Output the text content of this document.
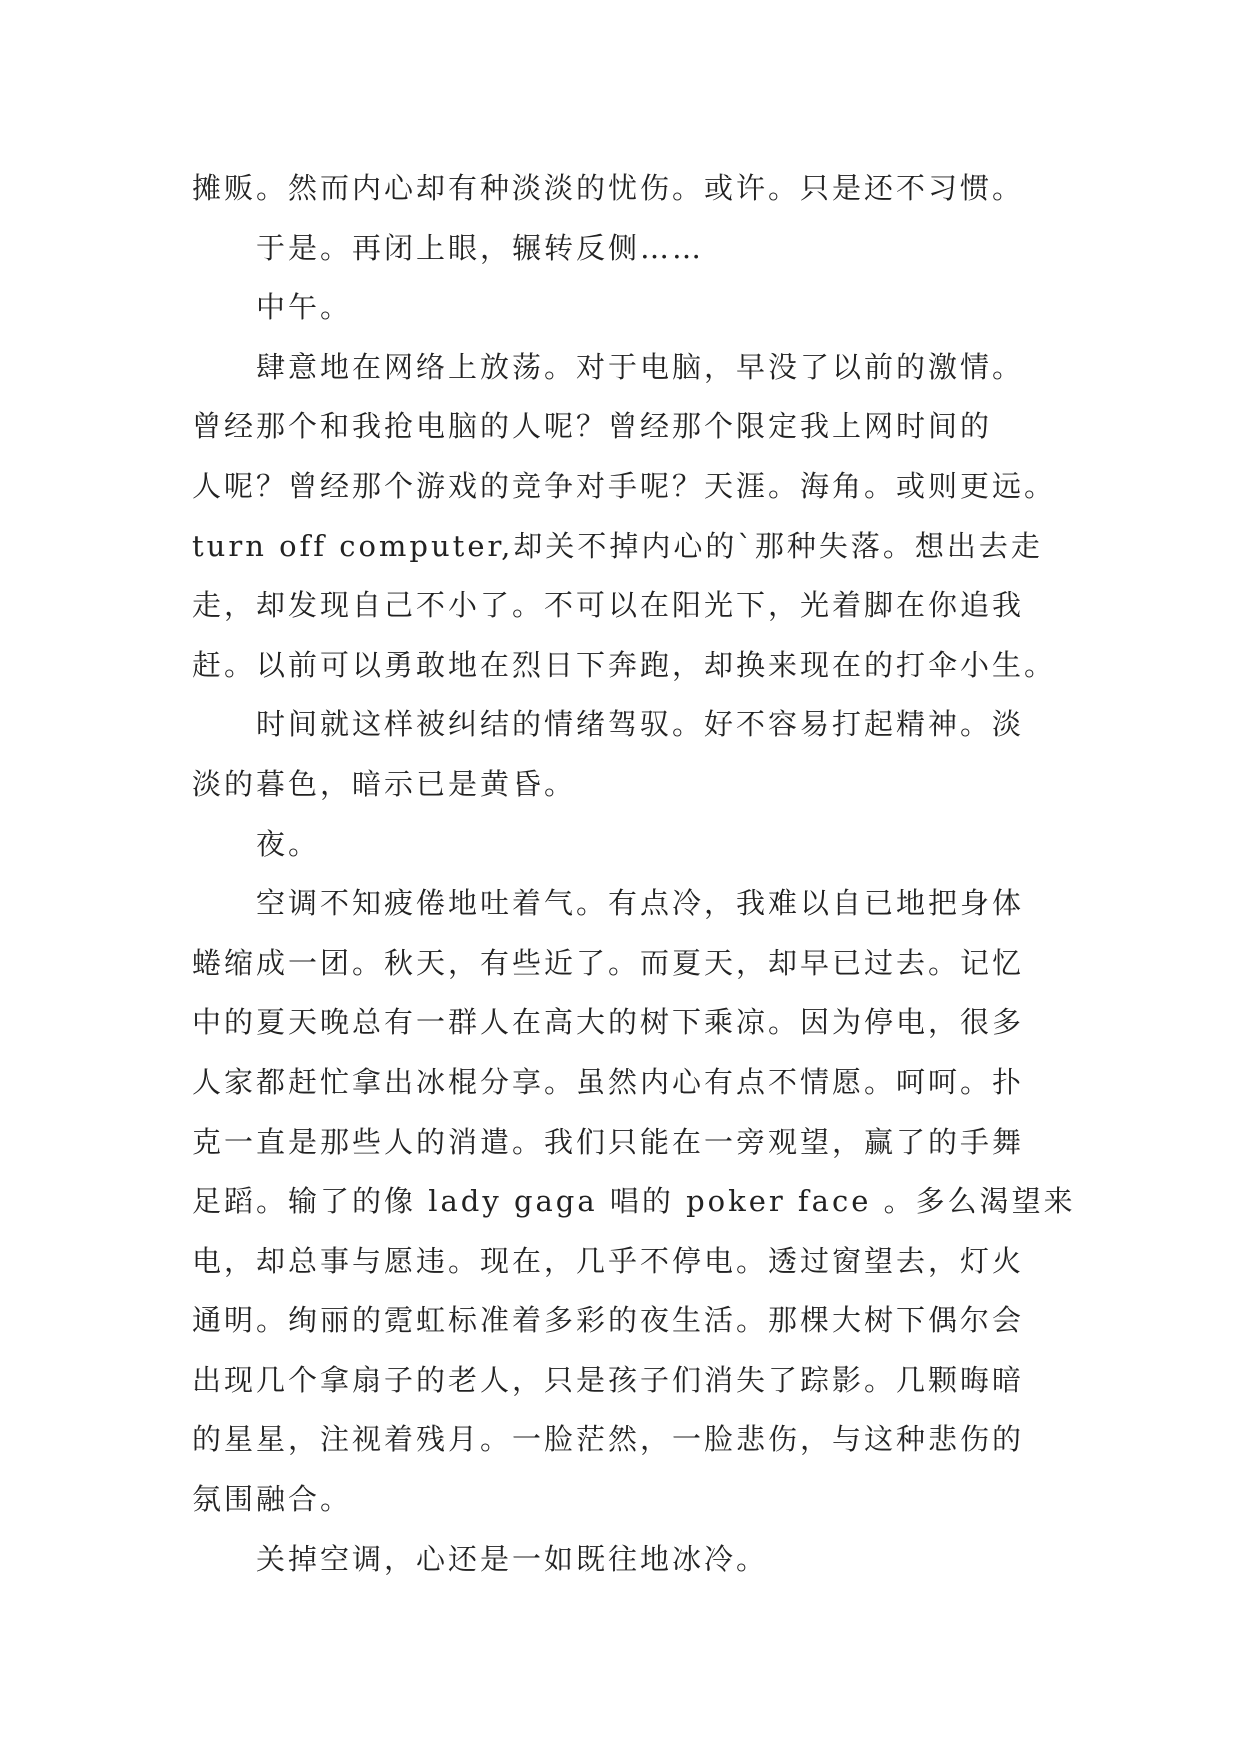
摊贩。然而内心却有种淡淡的忧伤。或许。只是还不习惯。
于是。再闭上眼，辗转反侧……
中午。
肆意地在网络上放荡。对于电脑，早没了以前的激情。
曾经那个和我抢电脑的人呢？曾经那个限定我上网时间的
人呢？曾经那个游戏的竞争对手呢？天涯。海角。或则更远。
turn off computer,却关不掉内心的`那种失落。想出去走
走，却发现自己不小了。不可以在阳光下，光着脚在你追我
赶。以前可以勇敢地在烈日下奔跑，却换来现在的打伞小生。
时间就这样被纠结的情绪驾驭。好不容易打起精神。淡
淡的暮色，暗示已是黄昏。
夜。
空调不知疲倦地吐着气。有点冷，我难以自已地把身体
蜷缩成一团。秋天，有些近了。而夏天，却早已过去。记忆
中的夏天晚总有一群人在高大的树下乘凉。因为停电，很多
人家都赶忙拿出冰棍分享。虽然内心有点不情愿。呵呵。扑
克一直是那些人的消遣。我们只能在一旁观望，赢了的手舞
足蹈。输了的像 lady gaga 唱的 poker face 。多么渴望来
电，却总事与愿违。现在，几乎不停电。透过窗望去，灯火
通明。绚丽的霓虹标准着多彩的夜生活。那棵大树下偶尔会
出现几个拿扇子的老人，只是孩子们消失了踪影。几颗晦暗
的星星，注视着残月。一脸茫然，一脸悲伤，与这种悲伤的
氛围融合。
关掉空调，心还是一如既往地冰冷。
